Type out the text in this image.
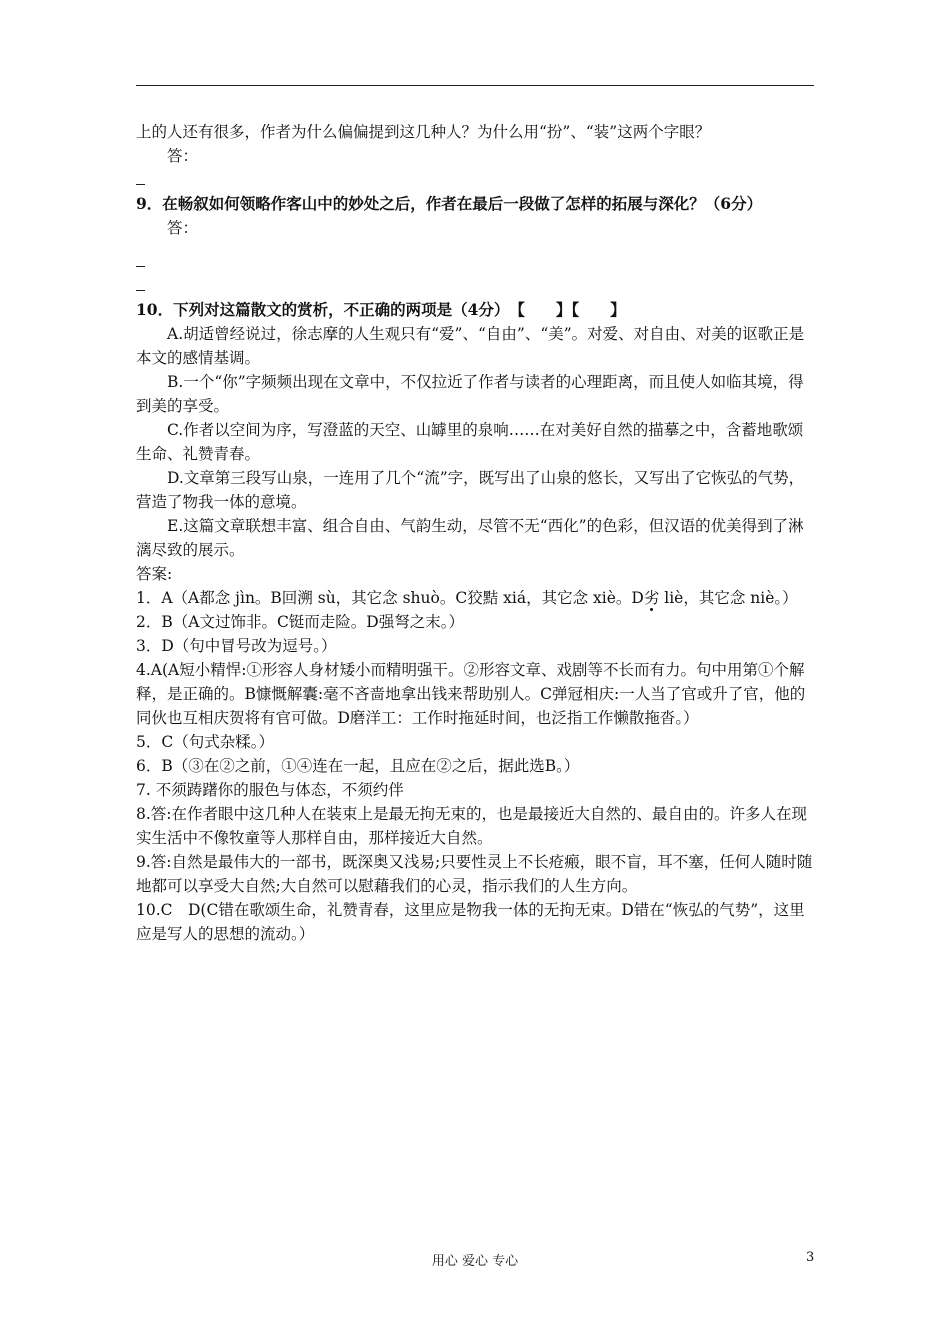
上的人还有很多，作者为什么偏偏提到这几种人？为什么用“扮”、“装”这两个字眼？

答：

9．在畅叙如何领略作客山中的妙处之后，作者在最后一段做了怎样的拓展与深化？（6分）

答：

10．下列对这篇散文的赏析，不正确的两项是（4分）　【　　】【　　】

A.胡适曾经说过，徐志摩的人生观只有“爱”、“自由”、“美”。对爱、对自由、对美的讴歌正是本文的感情基调。

B.一个“你”字频频出现在文章中，不仅拉近了作者与读者的心理距离，而且使人如临其境，得到美的享受。

C.作者以空间为序，写澄蓝的天空、山罅里的泉响……在对美好自然的描摹之中，含蓄地歌颂生命、礼赞青春。

D.文章第三段写山泉，一连用了几个“流”字，既写出了山泉的悠长，又写出了它恢弘的气势，营造了物我一体的意境。

E.这篇文章联想丰富、组合自由、气韵生动，尽管不无“西化”的色彩，但汉语的优美得到了淋漓尽致的展示。

答案:

1．A（A都念 jìn。B回溯 sù，其它念 shuò。C狡黠 xiá，其它念 xiè。D劣 liè，其它念 niè。）

2．B（A文过饰非。C铤而走险。D强弩之末。）

3．D（句中冒号改为逗号。）

4.A(A短小精悍:①形容人身材矮小而精明强干。②形容文章、戏剧等不长而有力。句中用第①个解释，是正确的。B慷慨解囊:毫不吝啬地拿出钱来帮助别人。C弹冠相庆:一人当了官或升了官，他的同伙也互相庆贺将有官可做。D磨洋工：工作时拖延时间，也泛指工作懒散拖沓。）

5．C（句式杂糅。）

6．B（③在②之前，①④连在一起，且应在②之后，据此选B。）

7. 不须踌躇你的服色与体态，不须约伴

8.答:在作者眼中这几种人在装束上是最无拘无束的，也是最接近大自然的、最自由的。许多人在现实生活中不像牧童等人那样自由，那样接近大自然。

9.答:自然是最伟大的一部书，既深奥又浅易;只要性灵上不长疮瘢，眼不盲，耳不塞，任何人随时随地都可以享受大自然;大自然可以慰藉我们的心灵，指示我们的人生方向。

10.C　D(C错在歌颂生命，礼赞青春，这里应是物我一体的无拘无束。D错在“恢弘的气势”，这里应是写人的思想的流动。）

用心 爱心 专心	3
